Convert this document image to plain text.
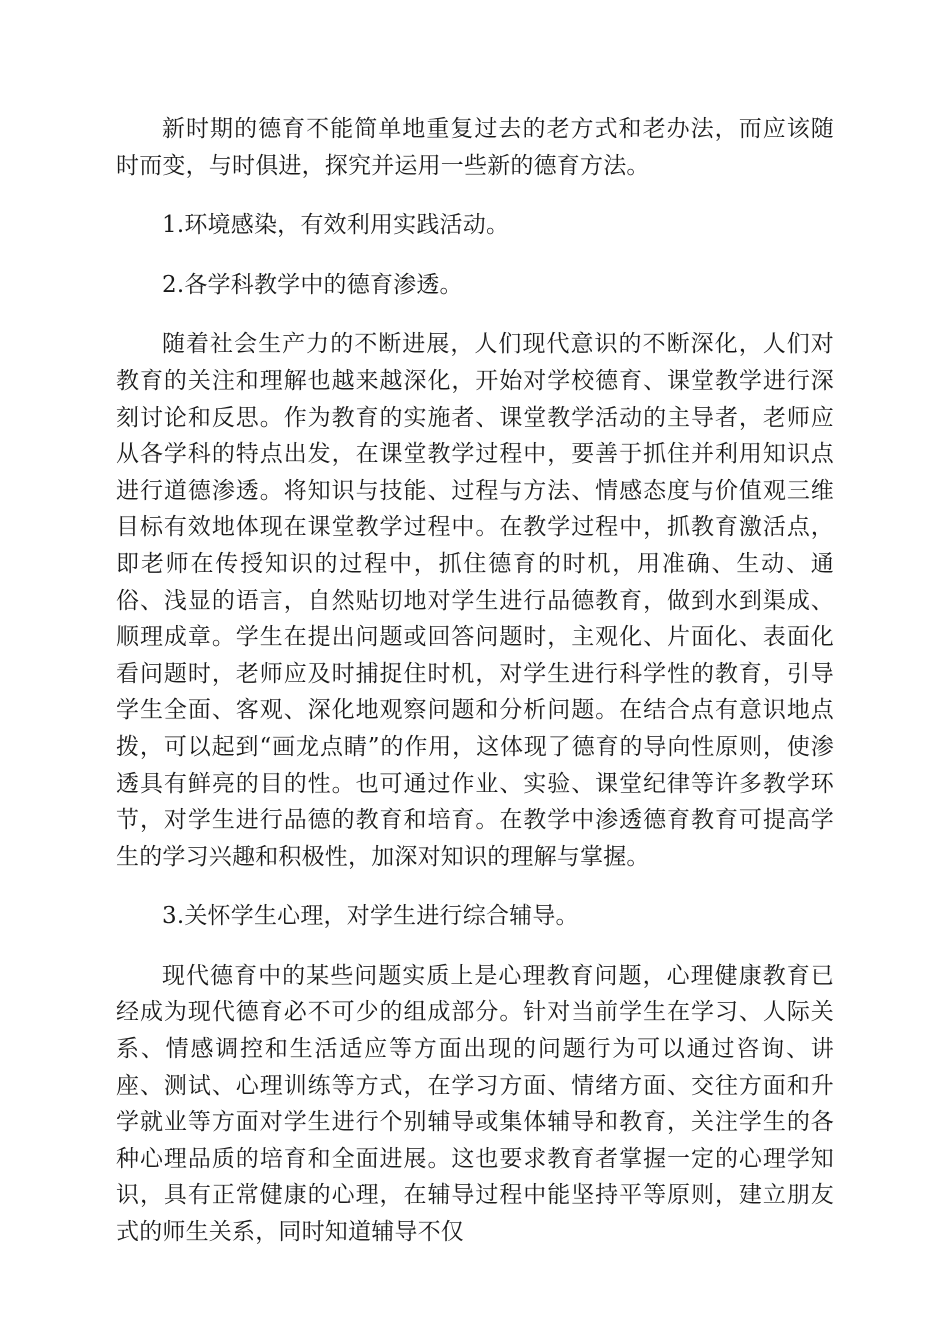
新时期的德育不能简单地重复过去的老方式和老办法，而应该随时而变，与时俱进，探究并运用一些新的德育方法。

1.环境感染，有效利用实践活动。

2.各学科教学中的德育渗透。

随着社会生产力的不断进展，人们现代意识的不断深化，人们对教育的关注和理解也越来越深化，开始对学校德育、课堂教学进行深刻讨论和反思。作为教育的实施者、课堂教学活动的主导者，老师应从各学科的特点出发，在课堂教学过程中，要善于抓住并利用知识点进行道德渗透。将知识与技能、过程与方法、情感态度与价值观三维目标有效地体现在课堂教学过程中。在教学过程中，抓教育激活点，即老师在传授知识的过程中，抓住德育的时机，用准确、生动、通俗、浅显的语言，自然贴切地对学生进行品德教育，做到水到渠成、顺理成章。学生在提出问题或回答问题时，主观化、片面化、表面化看问题时，老师应及时捕捉住时机，对学生进行科学性的教育，引导学生全面、客观、深化地观察问题和分析问题。在结合点有意识地点拨，可以起到“画龙点睛”的作用，这体现了德育的导向性原则，使渗透具有鲜亮的目的性。也可通过作业、实验、课堂纪律等许多教学环节，对学生进行品德的教育和培育。在教学中渗透德育教育可提高学生的学习兴趣和积极性，加深对知识的理解与掌握。

3.关怀学生心理，对学生进行综合辅导。

现代德育中的某些问题实质上是心理教育问题，心理健康教育已经成为现代德育必不可少的组成部分。针对当前学生在学习、人际关系、情感调控和生活适应等方面出现的问题行为可以通过咨询、讲座、测试、心理训练等方式，在学习方面、情绪方面、交往方面和升学就业等方面对学生进行个别辅导或集体辅导和教育，关注学生的各种心理品质的培育和全面进展。这也要求教育者掌握一定的心理学知识，具有正常健康的心理，在辅导过程中能坚持平等原则，建立朋友式的师生关系，同时知道辅导不仅
